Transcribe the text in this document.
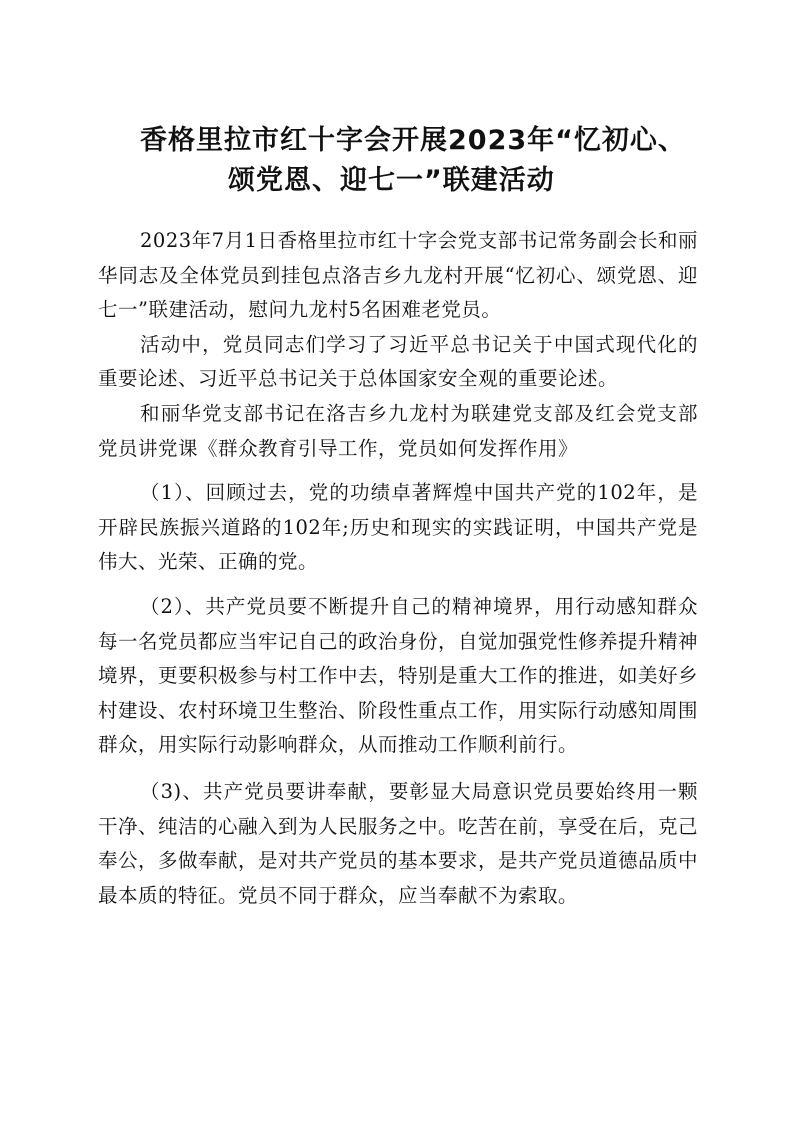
香格里拉市红十字会开展2023年“忆初心、
颂党恩、迎七一”联建活动

2023年7月1日香格里拉市红十字会党支部书记常务副会长和丽华同志及全体党员到挂包点洛吉乡九龙村开展“忆初心、颂党恩、迎七一”联建活动，慰问九龙村5名困难老党员。

活动中，党员同志们学习了习近平总书记关于中国式现代化的重要论述、习近平总书记关于总体国家安全观的重要论述。

和丽华党支部书记在洛吉乡九龙村为联建党支部及红会党支部党员讲党课《群众教育引导工作，党员如何发挥作用》

（1）、回顾过去，党的功绩卓著辉煌中国共产党的102年，是开辟民族振兴道路的102年;历史和现实的实践证明，中国共产党是伟大、光荣、正确的党。

（2）、共产党员要不断提升自己的精神境界，用行动感知群众每一名党员都应当牢记自己的政治身份，自觉加强党性修养提升精神境界，更要积极参与村工作中去，特别是重大工作的推进，如美好乡村建设、农村环境卫生整治、阶段性重点工作，用实际行动感知周围群众，用实际行动影响群众，从而推动工作顺利前行。

（3)、共产党员要讲奉献，要彰显大局意识党员要始终用一颗干净、纯洁的心融入到为人民服务之中。吃苦在前，享受在后，克己奉公，多做奉献，是对共产党员的基本要求，是共产党员道德品质中最本质的特征。党员不同于群众，应当奉献不为索取。
